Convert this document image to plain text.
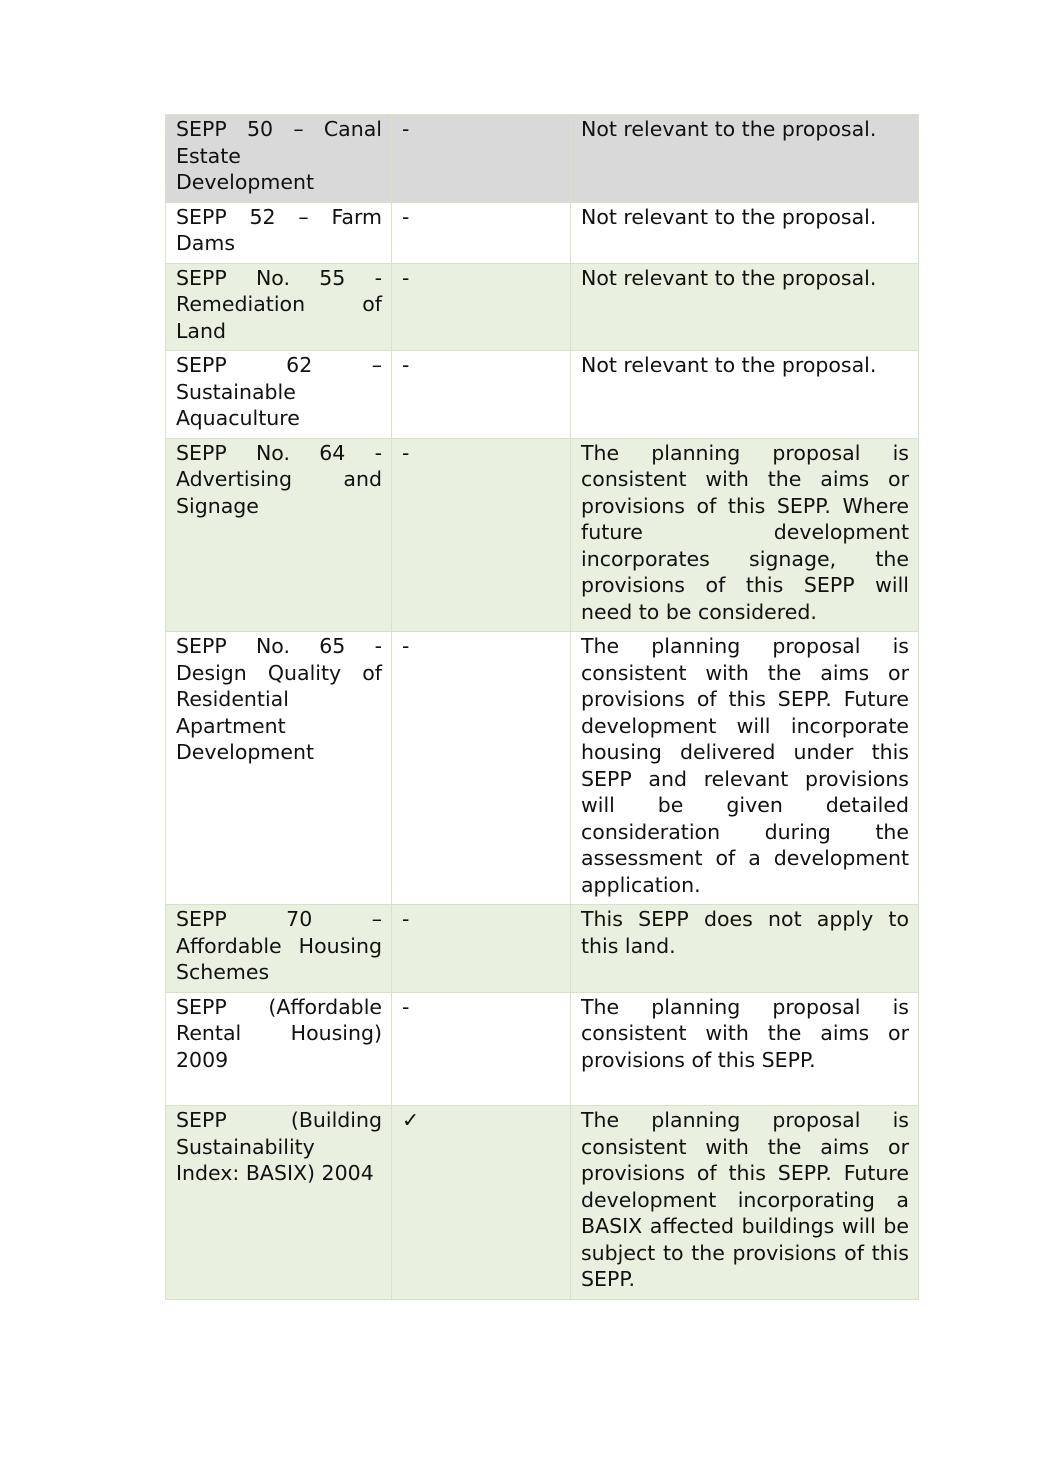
SEPP 50 – Canal Estate Development	-	Not relevant to the proposal.
SEPP 52 – Farm Dams	-	Not relevant to the proposal.
SEPP No. 55 - Remediation of Land	-	Not relevant to the proposal.
SEPP 62 – Sustainable Aquaculture	-	Not relevant to the proposal.
SEPP No. 64 - Advertising and Signage	-	The planning proposal is consistent with the aims or provisions of this SEPP. Where future development incorporates signage, the provisions of this SEPP will need to be considered.
SEPP No. 65 - Design Quality of Residential Apartment Development	-	The planning proposal is consistent with the aims or provisions of this SEPP. Future development will incorporate housing delivered under this SEPP and relevant provisions will be given detailed consideration during the assessment of a development application.
SEPP 70 – Affordable Housing Schemes	-	This SEPP does not apply to this land.
SEPP (Affordable Rental Housing) 2009	-	The planning proposal is consistent with the aims or provisions of this SEPP.
SEPP (Building Sustainability Index: BASIX) 2004	✓	The planning proposal is consistent with the aims or provisions of this SEPP. Future development incorporating a BASIX affected buildings will be subject to the provisions of this SEPP.
